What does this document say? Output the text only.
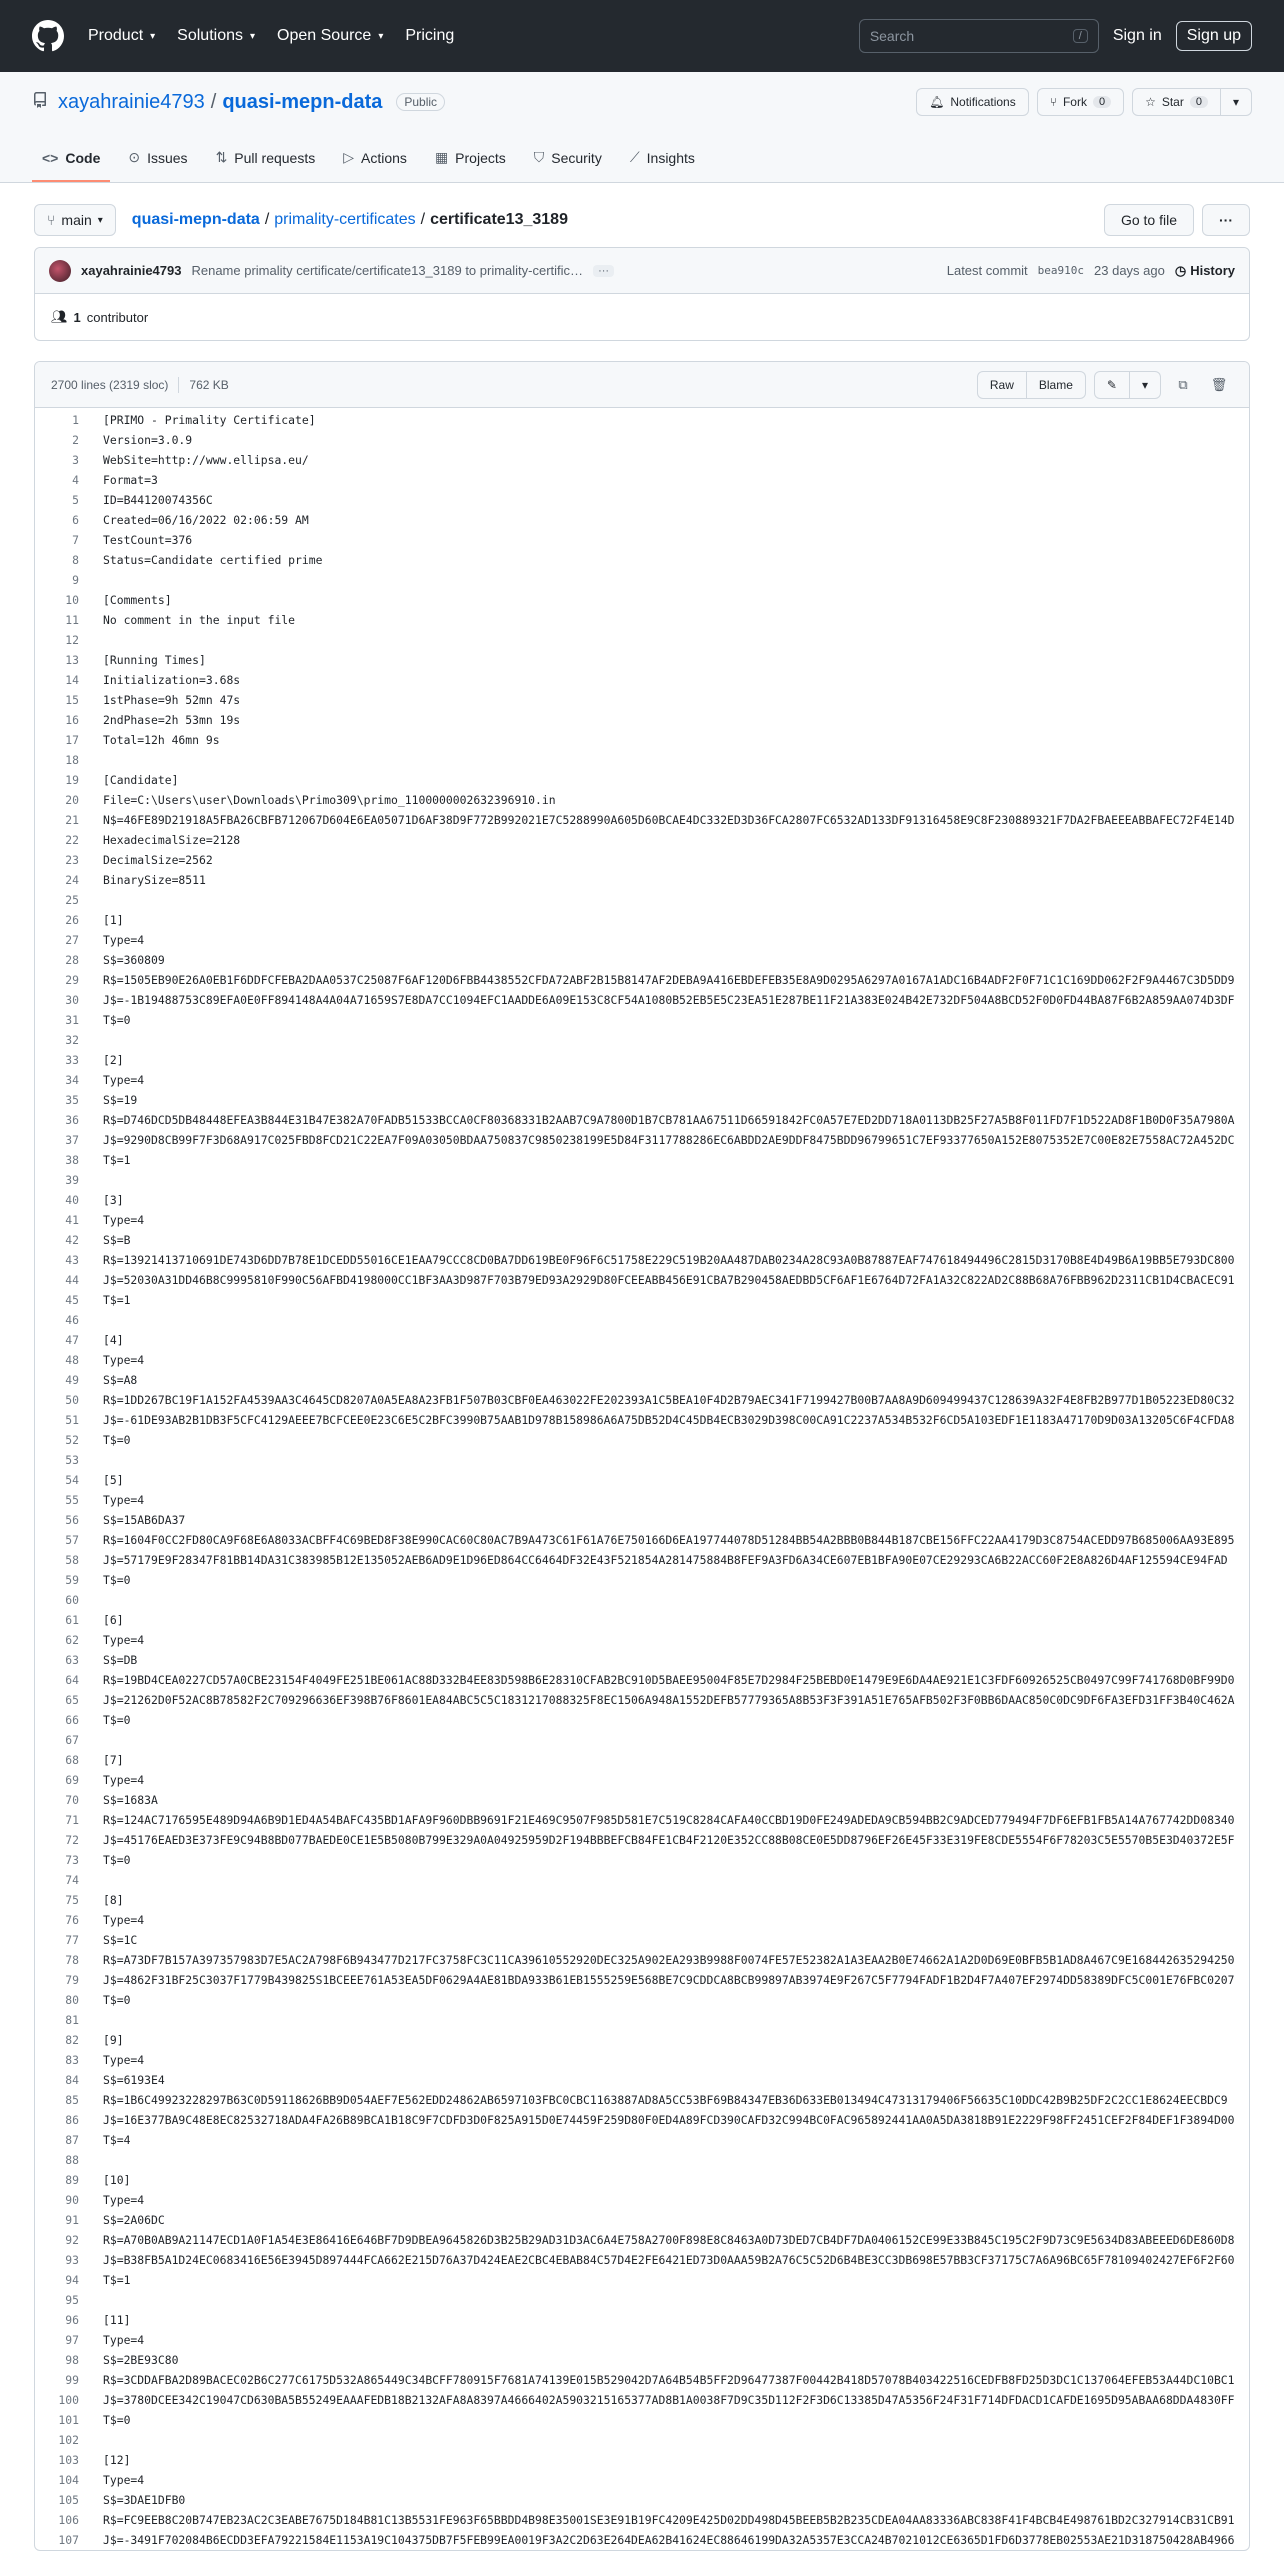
Product ▾ Solutions ▾ Open Source ▾ Pricing	Search	/	Sign in	Sign up
xayahrainie4793 / quasi-mepn-data	Public	🔔︎ Notifications	⑂ Fork	0	☆ Star	0	▾
<> Code ⊙ Issues ⇅ Pull requests ▷ Actions ▦ Projects ⛉ Security ⟋ Insights
⑂ main ▾ quasi-mepn-data / primality-certificates / certificate13_3189	Go to file	···
xayahrainie4793 Rename primality certificate/certificate13_3189 to primality-certific…	···	Latest commit bea910c 23 days ago ◷ History
👥︎ 1 contributor
2700 lines (2319 sloc) 762 KB	Raw	Blame	✎ ▾ ⧉ 🗑︎
1	[PRIMO - Primality Certificate]
2	Version=3.0.9
3	WebSite=http://www.ellipsa.eu/
4	Format=3
5	ID=B44120074356C
6	Created=06/16/2022 02:06:59 AM
7	TestCount=376
8	Status=Candidate certified prime
9
10	[Comments]
11	No comment in the input file
12
13	[Running Times]
14	Initialization=3.68s
15	1stPhase=9h 52mn 47s
16	2ndPhase=2h 53mn 19s
17	Total=12h 46mn 9s
18
19	[Candidate]
20	File=C:\Users\user\Downloads\Primo309\primo_1100000002632396910.in
21	N$=46FE89D21918A5FBA26CBFB712067D604E6EA05071D6AF38D9F772B992021E7C5288990A605D60BCAE4DC332ED3D36FCA2807FC6532AD133DF91316458E9C8F230889321F7DA2FBAEEEABBAFEC72F4E14D
22	HexadecimalSize=2128
23	DecimalSize=2562
24	BinarySize=8511
25
26	[1]
27	Type=4
28	S$=360809
29	R$=1505EB90E26A0EB1F6DDFCFEBA2DAA0537C25087F6AF120D6FBB4438552CFDA72ABF2B15B8147AF2DEBA9A416EBDEFEB35E8A9D0295A6297A0167A1ADC16B4ADF2F0F71C1C169DD062F2F9A4467C3D5DD9
30	J$=-1B19488753C89EFA0E0FF894148A4A04A71659S7E8DA7CC1094EFC1AADDE6A09E153C8CF54A1080B52EB5E5C23EA51E287BE11F21A383E024B42E732DF504A8BCD52F0D0FD44BA87F6B2A859AA074D3DF
31	T$=0
32
33	[2]
34	Type=4
35	S$=19
36	R$=D746DCD5DB48448EFEA3B844E31B47E382A70FADB51533BCCA0CF80368331B2AAB7C9A7800D1B7CB781AA67511D66591842FC0A57E7ED2DD718A0113DB25F27A5B8F011FD7F1D522AD8F1B0D0F35A7980A
37	J$=9290D8CB99F7F3D68A917C025FBD8FCD21C22EA7F09A03050BDAA750837C9850238199E5D84F3117788286EC6ABDD2AE9DDF8475BDD96799651C7EF93377650A152E8075352E7C00E82E7558AC72A452DC
38	T$=1
39
40	[3]
41	Type=4
42	S$=B
43	R$=13921413710691DE743D6DD7B78E1DCEDD55016CE1EAA79CCC8CD0BA7DD619BE0F96F6C51758E229C519B20AA487DAB0234A28C93A0B87887EAF747618494496C2815D3170B8E4D49B6A19BB5E793DC800
44	J$=52030A31DD46B8C9995810F990C56AFBD4198000CC1BF3AA3D987F703B79ED93A2929D80FCEEABB456E91CBA7B290458AEDBD5CF6AF1E6764D72FA1A32C822AD2C88B68A76FBB962D2311CB1D4CBACEC91
45	T$=1
46
47	[4]
48	Type=4
49	S$=A8
50	R$=1DD267BC19F1A152FA4539AA3C4645CD8207A0A5EA8A23FB1F507B03CBF0EA463022FE202393A1C5BEA10F4D2B79AEC341F7199427B00B7AA8A9D609499437C128639A32F4E8FB2B977D1B05223ED80C32
51	J$=-61DE93AB2B1DB3F5CFC4129AEEE7BCFCEE0E23C6E5C2BFC3990B75AAB1D978B158986A6A75DB52D4C45DB4ECB3029D398C00CA91C2237A534B532F6CD5A103EDF1E1183A47170D9D03A13205C6F4CFDA8
52	T$=0
53
54	[5]
55	Type=4
56	S$=15AB6DA37
57	R$=1604F0CC2FD80CA9F68E6A8033ACBFF4C69BED8F38E990CAC60C80AC7B9A473C61F61A76E750166D6EA197744078D51284BB54A2BBB0B844B187CBE156FFC22AA4179D3C8754ACEDD97B685006AA93E895
58	J$=57179E9F28347F81BB14DA31C383985B12E135052AEB6AD9E1D96ED864CC6464DF32E43F521854A281475884B8FEF9A3FD6A34CE607EB1BFA90E07CE29293CA6B22ACC60F2E8A826D4AF125594CE94FAD
59	T$=0
60
61	[6]
62	Type=4
63	S$=DB
64	R$=19BD4CEA0227CD57A0CBE23154F4049FE251BE061AC88D332B4EE83D598B6E28310CFAB2BC910D5BAEE95004F85E7D2984F25BEBD0E1479E9E6DA4AE921E1C3FDF60926525CB0497C99F741768D0BF99D0
65	J$=21262D0F52AC8B78582F2C709296636EF398B76F8601EA84ABC5C5C1831217088325F8EC1506A948A1552DEFB57779365A8B53F3F391A51E765AFB502F3F0BB6DAAC850C0DC9DF6FA3EFD31FF3B40C462A
66	T$=0
67
68	[7]
69	Type=4
70	S$=1683A
71	R$=124AC7176595E489D94A6B9D1ED4A54BAFC435BD1AFA9F960DBB9691F21E469C9507F985D581E7C519C8284CAFA40CCBD19D0FE249ADEDA9CB594BB2C9ADCED779494F7DF6EFB1FB5A14A767742DD08340
72	J$=45176EAED3E373FE9C94B8BD077BAEDE0CE1E5B5080B799E329A0A04925959D2F194BBBEFCB84FE1CB4F2120E352CC88B08CE0E5DD8796EF26E45F33E319FE8CDE5554F6F78203C5E5570B5E3D40372E5F
73	T$=0
74
75	[8]
76	Type=4
77	S$=1C
78	R$=A73DF7B157A397357983D7E5AC2A798F6B943477D217FC3758FC3C11CA39610552920DEC325A902EA293B9988F0074FE57E52382A1A3EAA2B0E74662A1A2D0D69E0BFB5B1AD8A467C9E168442635294250
79	J$=4862F31BF25C3037F1779B439825S1BCEEE761A53EA5DF0629A4AE81BDA933B61EB1555259E568BE7C9CDDCA8BCB99897AB3974E9F267C5F7794FADF1B2D4F7A407EF2974DD58389DFC5C001E76FBC0207
80	T$=0
81
82	[9]
83	Type=4
84	S$=6193E4
85	R$=1B6C49923228297B63C0D59118626BB9D054AEF7E562EDD24862AB6597103FBC0CBC1163887AD8A5CC53BF69B84347EB36D633EB013494C47313179406F56635C10DDC42B9B25DF2C2CC1E8624EECBDC9
86	J$=16E377BA9C48E8EC82532718ADA4FA26B89BCA1B18C9F7CDFD3D0F825A915D0E74459F259D80F0ED4A89FCD390CAFD32C994BC0FAC965892441AA0A5DA3818B91E2229F98FF2451CEF2F84DEF1F3894D00
87	T$=4
88
89	[10]
90	Type=4
91	S$=2A06DC
92	R$=A70B0AB9A21147ECD1A0F1A54E3E86416E646BF7D9DBEA9645826D3B25B29AD31D3AC6A4E758A2700F898E8C8463A0D73DED7CB4DF7DA0406152CE99E33B845C195C2F9D73C9E5634D83ABEEED6DE860D8
93	J$=B38FB5A1D24EC0683416E56E3945D897444FCA662E215D76A37D424EAE2CBC4EBAB84C57D4E2FE6421ED73D0AAA59B2A76C5C52D6B4BE3CC3DB698E57BB3CF37175C7A6A96BC65F78109402427EF6F2F60
94	T$=1
95
96	[11]
97	Type=4
98	S$=2BE93C80
99	R$=3CDDAFBA2D89BACEC02B6C277C6175D532A865449C34BCFF780915F7681A74139E015B529042D7A64B54B5FF2D96477387F00442B418D57078B403422516CEDFB8FD25D3DC1C137064EFEB53A44DC10BC1
100	J$=3780DCEE342C19047CD630BA5B55249EAAAFEDB18B2132AFA8A8397A4666402A5903215165377AD8B1A0038F7D9C35D112F2F3D6C13385D47A5356F24F31F714DFDACD1CAFDE1695D95ABAA68DDA4830FF
101	T$=0
102
103	[12]
104	Type=4
105	S$=3DAE1DFB0
106	R$=FC9EEB8C20B747EB23AC2C3EABE7675D184B81C13B5531FE963F65BBDD4B98E35001SE3E91B19FC4209E425D02DD498D45BEEB5B2B235CDEA04AA83336ABC838F41F4BCB4E498761BD2C327914CB31CB91
107	J$=-3491F702084B6ECDD3EFA79221584E1153A19C104375DB7F5FEB99EA0019F3A2C2D63E264DEA62B41624EC88646199DA32A5357E3CCA24B7021012CE6365D1FD6D3778EB02553AE21D318750428AB4966
